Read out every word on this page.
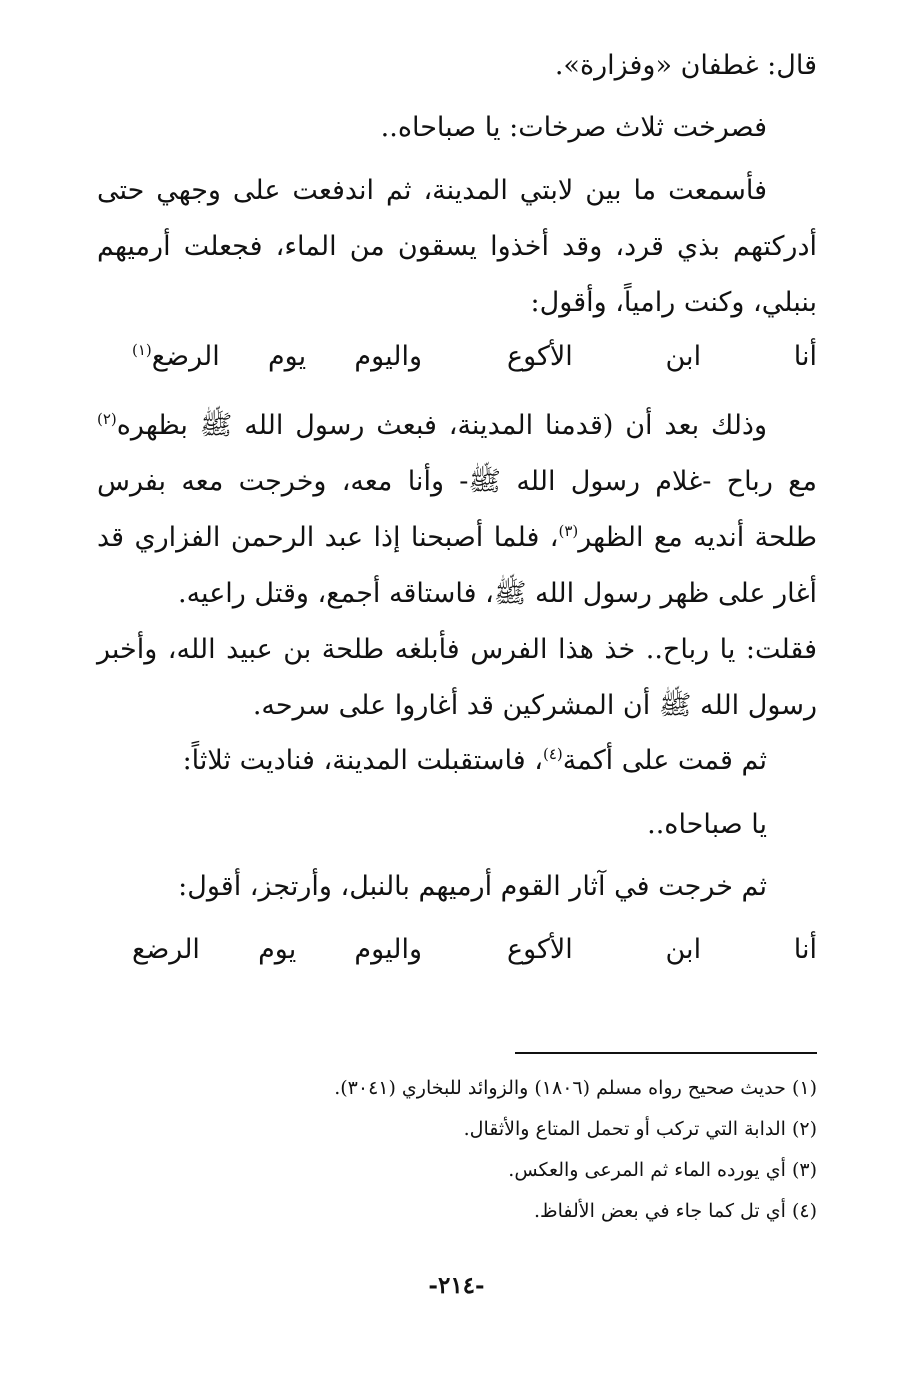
قال: غطفان «وفزارة».
فصرخت ثلاث صرخات: يا صباحاه..
فأسمعت ما بين لابتي المدينة، ثم اندفعت على وجهي حتى أدركتهم بذي قرد، وقد أخذوا يسقون من الماء، فجعلت أرميهم بنبلي، وكنت رامياً، وأقول:
أنا ابن الأكوع
واليوم يوم الرضع$^{(١)}$
وذلك بعد أن (قدمنا المدينة، فبعث رسول الله ﷺ بظهره$^{(٢)}$ مع رباح -غلام رسول الله ﷺ- وأنا معه، وخرجت معه بفرس طلحة أنديه مع الظهر$^{(٣)}$، فلما أصبحنا إذا عبد الرحمن الفزاري قد أغار على ظهر رسول الله ﷺ، فاستاقه أجمع، وقتل راعيه.
فقلت: يا رباح.. خذ هذا الفرس فأبلغه طلحة بن عبيد الله، وأخبر رسول الله ﷺ أن المشركين قد أغاروا على سرحه.
ثم قمت على أكمة$^{(٤)}$، فاستقبلت المدينة، فناديت ثلاثاً:
يا صباحاه..
ثم خرجت في آثار القوم أرميهم بالنبل، وأرتجز، أقول:
أنا ابن الأكوع
واليوم يوم الرضع
(١) حديث صحيح رواه مسلم (١٨٠٦) والزوائد للبخاري (٣٠٤١).
(٢) الدابة التي تركب أو تحمل المتاع والأثقال.
(٣) أي يورده الماء ثم المرعى والعكس.
(٤) أي تل كما جاء في بعض الألفاظ.
-٢١٤-
